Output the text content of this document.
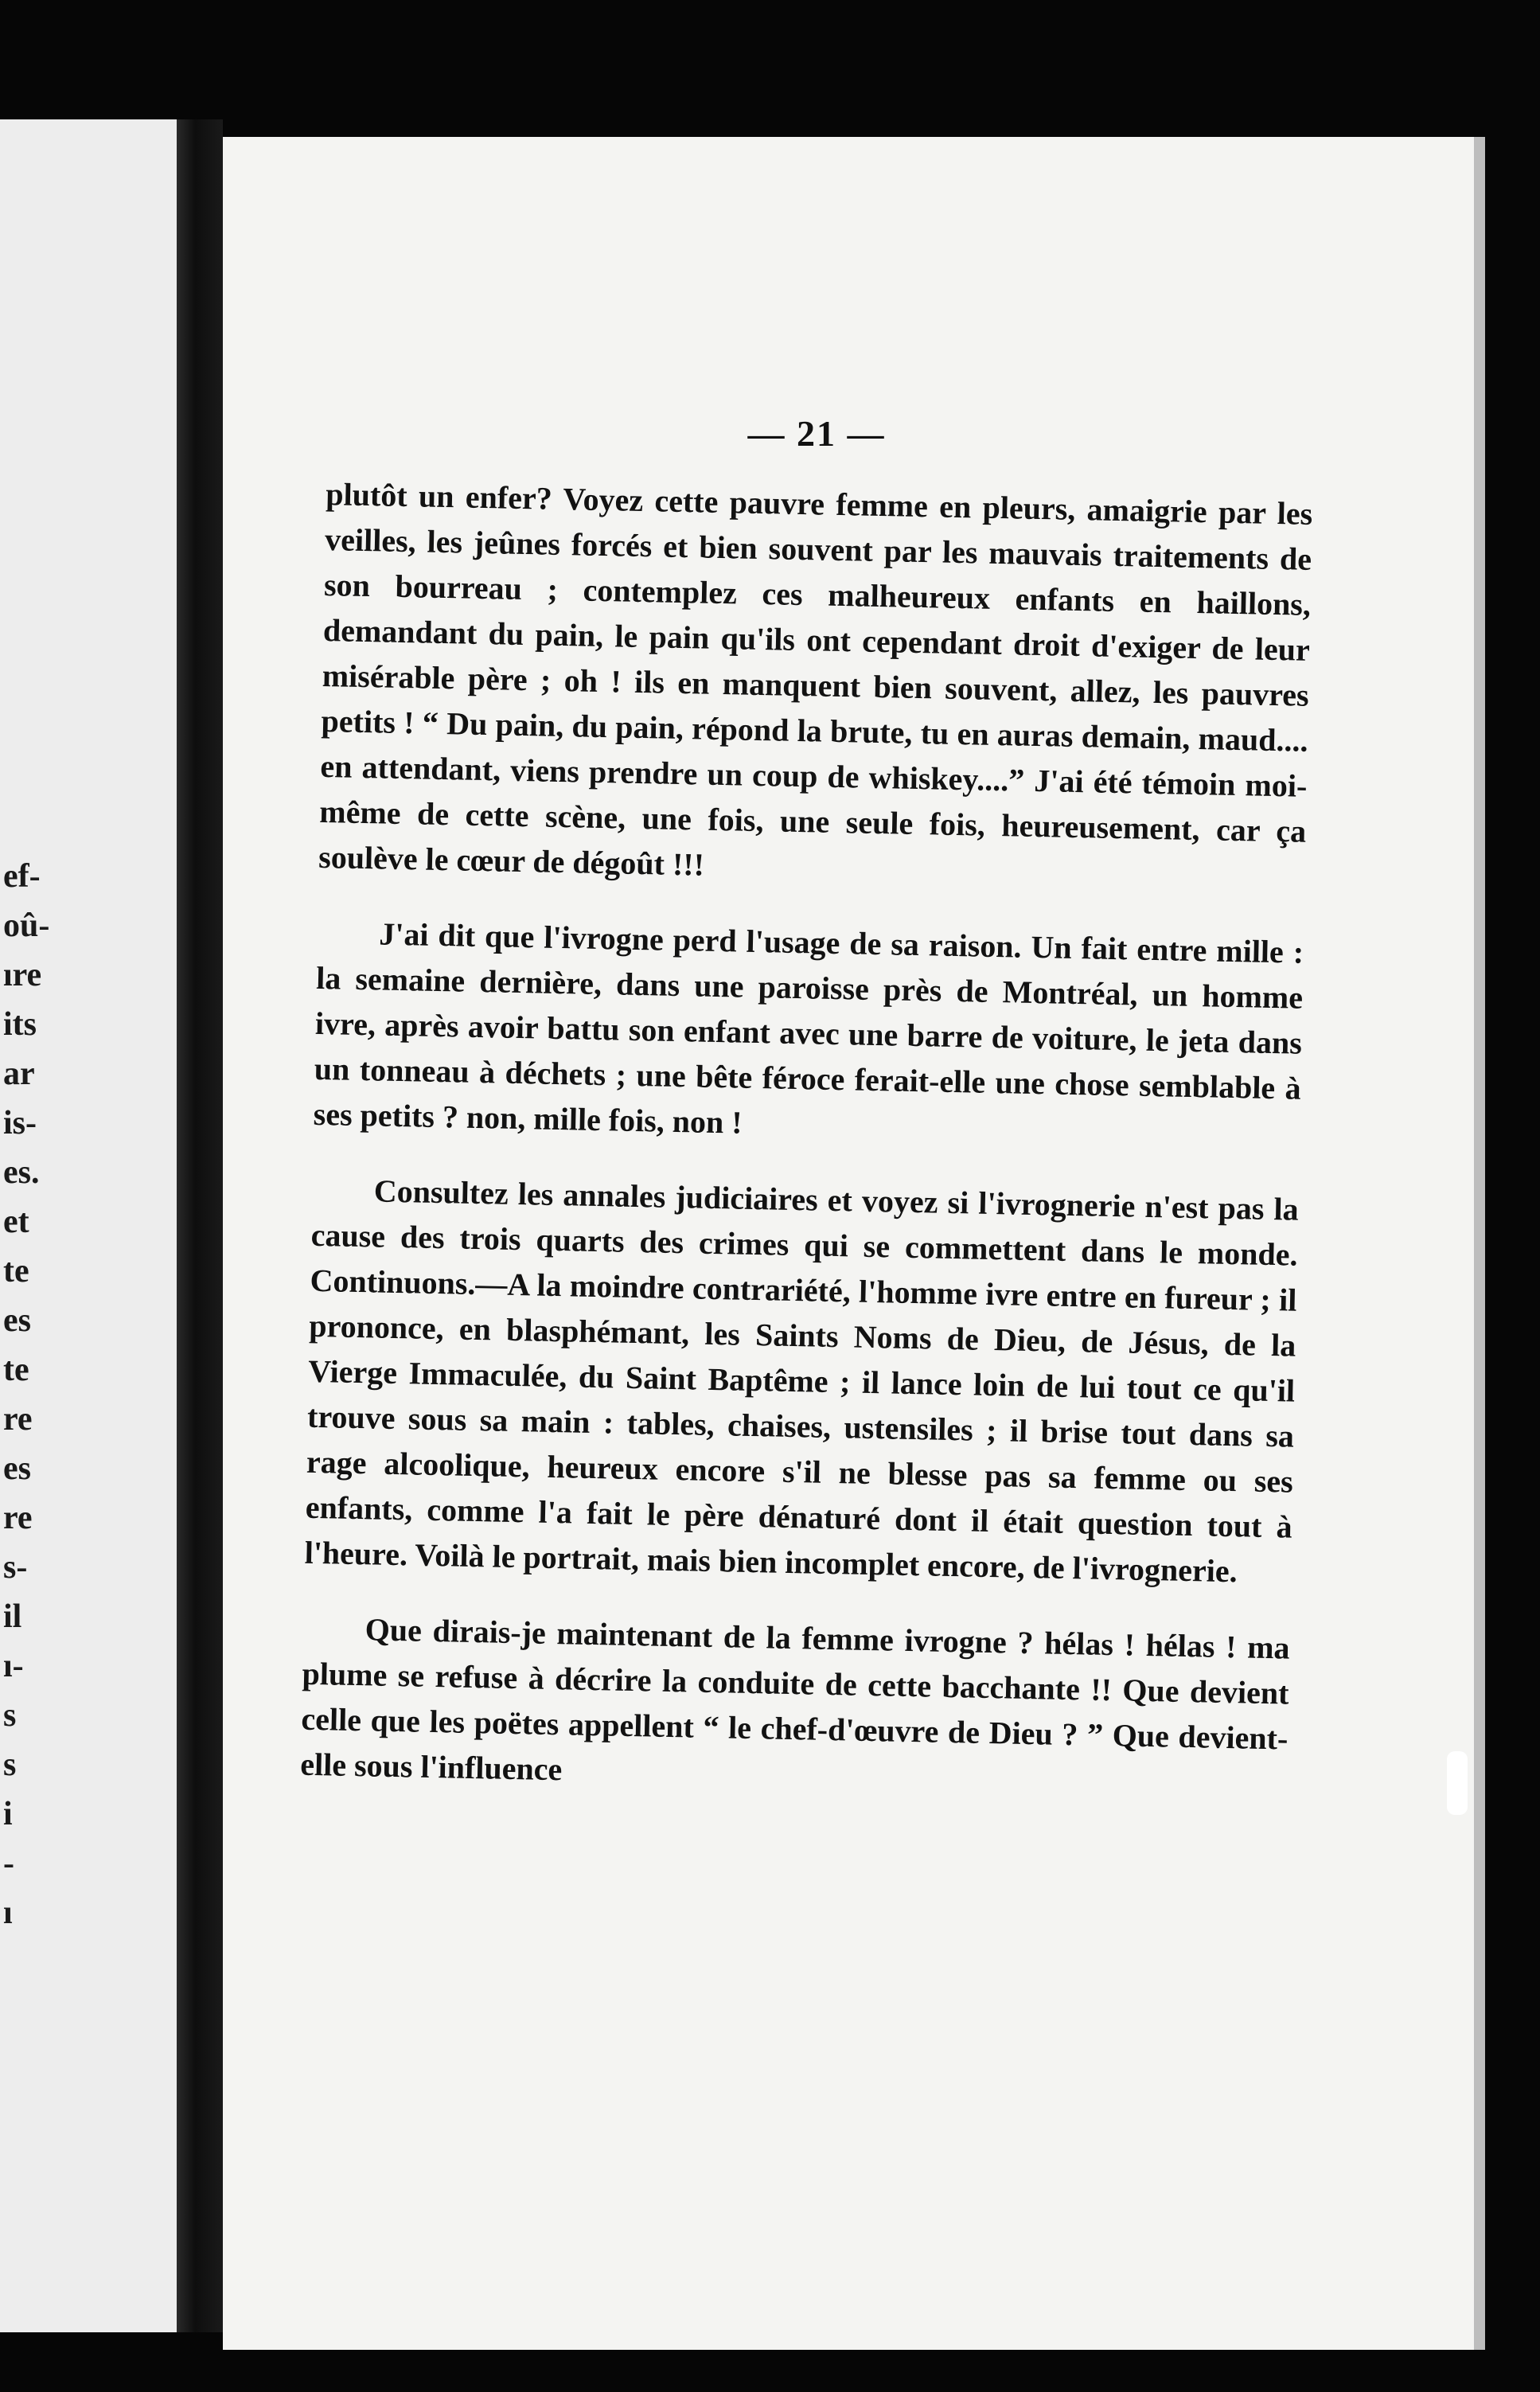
ef-
oû-
ıre
its
ar
is-
es.
et
te
es
te
re
es
re
s-
il
ı-
s
s
i
-
ı
— 21 —

plutôt un enfer? Voyez cette pauvre femme en pleurs, amaigrie par les veilles, les jeûnes forcés et bien souvent par les mauvais traitements de son bourreau ; contemplez ces malheureux enfants en haillons, demandant du pain, le pain qu'ils ont cependant droit d'exiger de leur misérable père ; oh ! ils en manquent bien souvent, allez, les pauvres petits ! “ Du pain, du pain, répond la brute, tu en auras demain, maud.... en attendant, viens prendre un coup de whiskey....” J'ai été témoin moi-même de cette scène, une fois, une seule fois, heureusement, car ça soulève le cœur de dégoût !!!

J'ai dit que l'ivrogne perd l'usage de sa raison. Un fait entre mille : la semaine dernière, dans une paroisse près de Montréal, un homme ivre, après avoir battu son enfant avec une barre de voiture, le jeta dans un tonneau à déchets ; une bête féroce ferait-elle une chose semblable à ses petits ? non, mille fois, non !

Consultez les annales judiciaires et voyez si l'ivrognerie n'est pas la cause des trois quarts des crimes qui se commettent dans le monde. Continuons.—A la moindre contrariété, l'homme ivre entre en fureur ; il prononce, en blasphémant, les Saints Noms de Dieu, de Jésus, de la Vierge Immaculée, du Saint Baptême ; il lance loin de lui tout ce qu'il trouve sous sa main : tables, chaises, ustensiles ; il brise tout dans sa rage alcoolique, heureux encore s'il ne blesse pas sa femme ou ses enfants, comme l'a fait le père dénaturé dont il était question tout à l'heure. Voilà le portrait, mais bien incomplet encore, de l'ivrognerie.

Que dirais-je maintenant de la femme ivrogne ? hélas ! hélas ! ma plume se refuse à décrire la conduite de cette bacchante !! Que devient celle que les poëtes appellent “ le chef-d'œuvre de Dieu ? ” Que devient-elle sous l'influence
